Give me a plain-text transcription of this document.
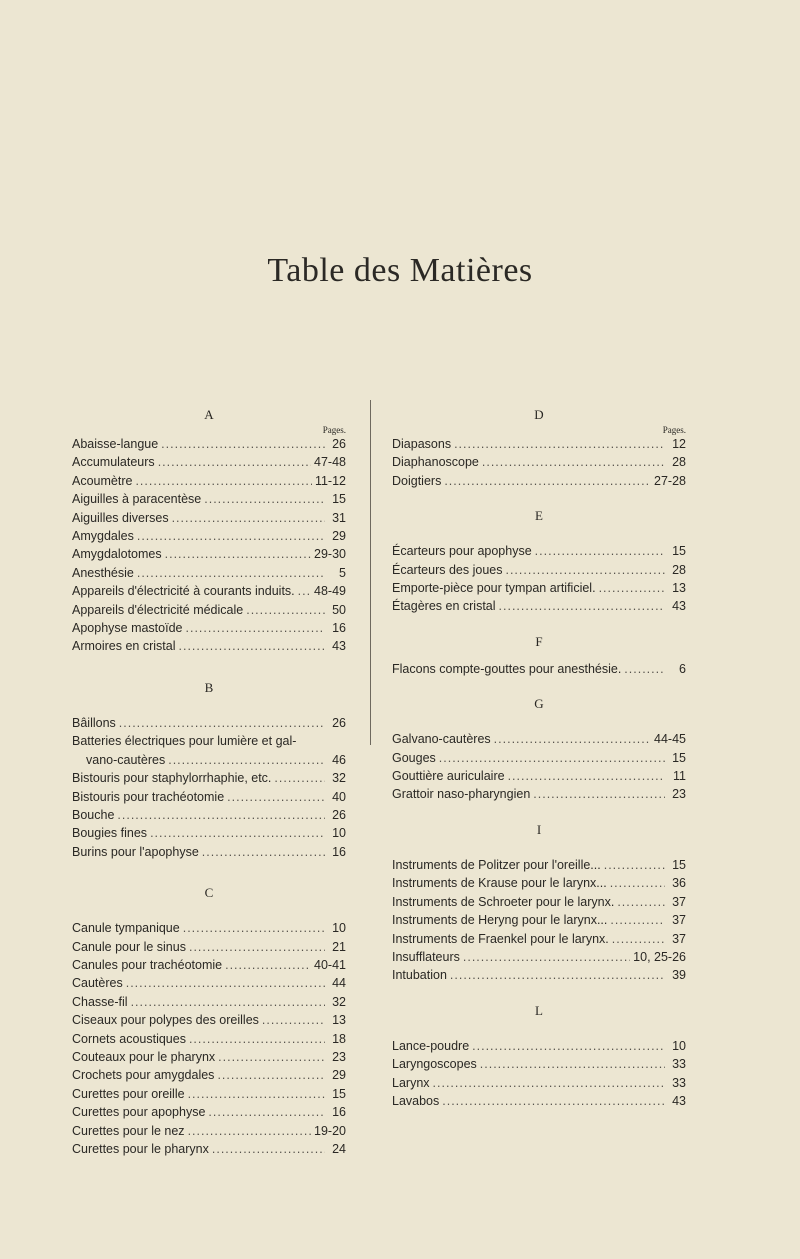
Table des Matières
A
Pages.
Abaisse-langue .....	26
Accumulateurs .....	47-48
Acoumètre .....	11-12
Aiguilles à paracentèse .....	15
Aiguilles diverses .....	31
Amygdales .....	29
Amygdalotomes .....	29-30
Anesthésie .....	5
Appareils d'électricité à courants induits. ..... 48-49
Appareils d'électricité médicale .....	50
Apophyse mastoïde .....	16
Armoires en cristal .....	43
B
Bâillons .....	26
Batteries électriques pour lumière et gal-
vano-cautères .....	46
Bistouris pour staphylorrhaphie, etc. .....	32
Bistouris pour trachéotomie .....	40
Bouche .....	26
Bougies fines .....	10
Burins pour l'apophyse .....	16
C
Canule tympanique .....	10
Canule pour le sinus .....	21
Canules pour trachéotomie .....	40-41
Cautères .....	44
Chasse-fil .....	32
Ciseaux pour polypes des oreilles .....	13
Cornets acoustiques .....	18
Couteaux pour le pharynx .....	23
Crochets pour amygdales .....	29
Curettes pour oreille .....	15
Curettes pour apophyse .....	16
Curettes pour le nez .....	19-20
Curettes pour le pharynx .....	24
D
Pages.
Diapasons .....	12
Diaphanoscope .....	28
Doigtiers .....	27-28
E
Écarteurs pour apophyse .....	15
Écarteurs des joues .....	28
Emporte-pièce pour tympan artificiel. .....	13
Étagères en cristal .....	43
F
Flacons compte-gouttes pour anesthésie. .....	6
G
Galvano-cautères .....	44-45
Gouges .....	15
Gouttière auriculaire .....	11
Grattoir naso-pharyngien .....	23
I
Instruments de Politzer pour l'oreille... .....	15
Instruments de Krause pour le larynx... .....	36
Instruments de Schroeter pour le larynx. .....	37
Instruments de Heryng pour le larynx... .....	37
Instruments de Fraenkel pour le larynx. .....	37
Insufflateurs .....	10, 25-26
Intubation .....	39
L
Lance-poudre .....	10
Laryngoscopes .....	33
Larynx .....	33
Lavabos .....	43
